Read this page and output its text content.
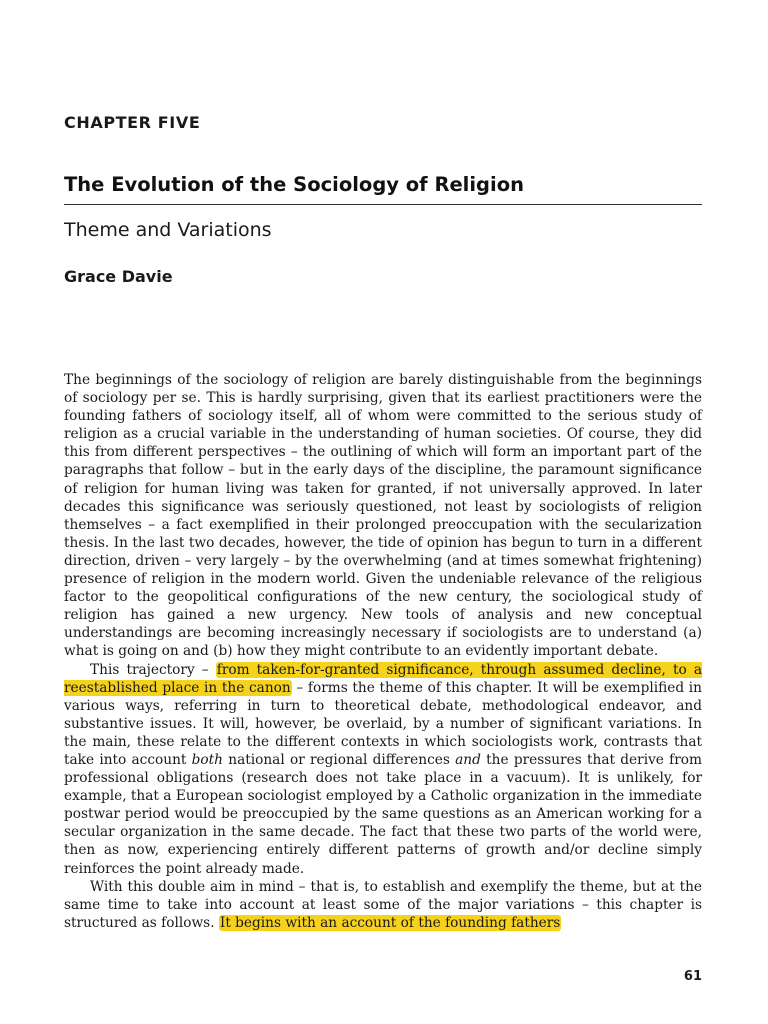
CHAPTER FIVE
The Evolution of the Sociology of Religion
Theme and Variations
Grace Davie

The beginnings of the sociology of religion are barely distinguishable from the beginnings of sociology per se. This is hardly surprising, given that its earliest practitioners were the founding fathers of sociology itself, all of whom were committed to the serious study of religion as a crucial variable in the understanding of human societies. Of course, they did this from different perspectives – the outlining of which will form an important part of the paragraphs that follow – but in the early days of the discipline, the paramount significance of religion for human living was taken for granted, if not universally approved. In later decades this significance was seriously questioned, not least by sociologists of religion themselves – a fact exemplified in their prolonged preoccupation with the secularization thesis. In the last two decades, however, the tide of opinion has begun to turn in a different direction, driven – very largely – by the overwhelming (and at times somewhat frightening) presence of religion in the modern world. Given the undeniable relevance of the religious factor to the geopolitical configurations of the new century, the sociological study of religion has gained a new urgency. New tools of analysis and new conceptual understandings are becoming increasingly necessary if sociologists are to understand (a) what is going on and (b) how they might contribute to an evidently important debate.

This trajectory – from taken-for-granted significance, through assumed decline, to a reestablished place in the canon – forms the theme of this chapter. It will be exemplified in various ways, referring in turn to theoretical debate, methodological endeavor, and substantive issues. It will, however, be overlaid, by a number of significant variations. In the main, these relate to the different contexts in which sociologists work, contrasts that take into account both national or regional differences and the pressures that derive from professional obligations (research does not take place in a vacuum). It is unlikely, for example, that a European sociologist employed by a Catholic organization in the immediate postwar period would be preoccupied by the same questions as an American working for a secular organization in the same decade. The fact that these two parts of the world were, then as now, experiencing entirely different patterns of growth and/or decline simply reinforces the point already made.

With this double aim in mind – that is, to establish and exemplify the theme, but at the same time to take into account at least some of the major variations – this chapter is structured as follows. It begins with an account of the founding fathers

61
